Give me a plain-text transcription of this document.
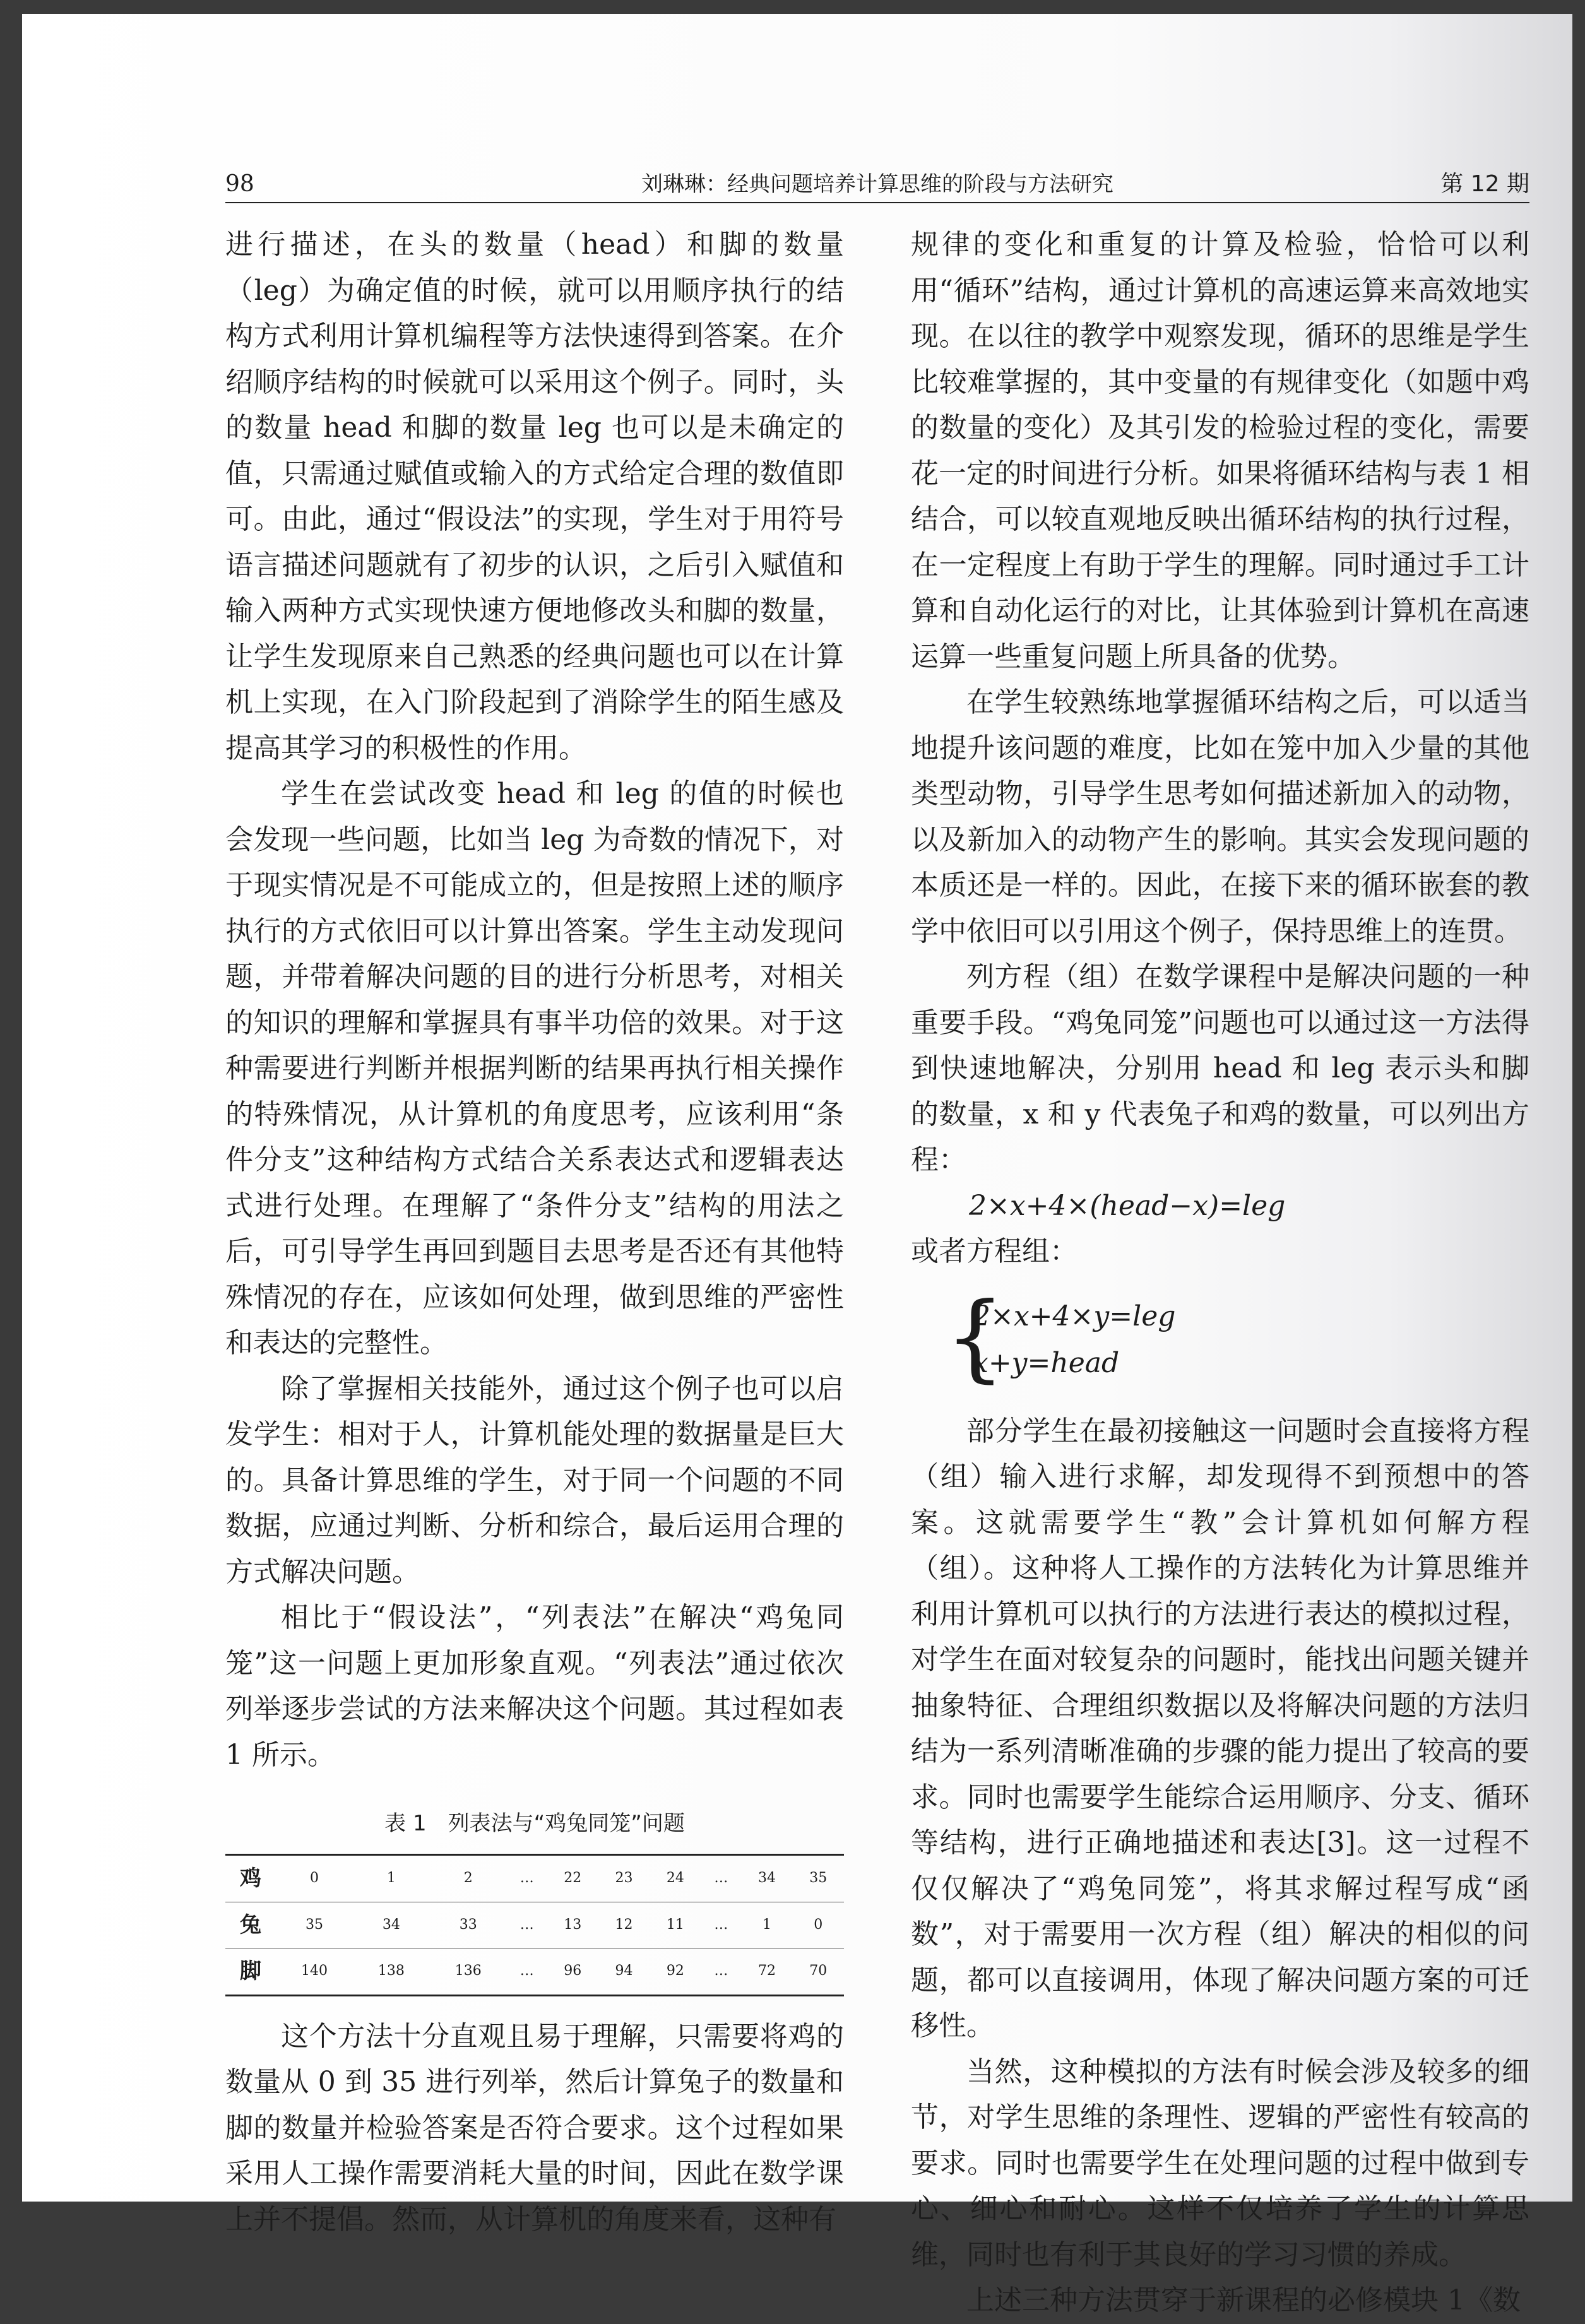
98	刘琳琳：经典问题培养计算思维的阶段与方法研究	第 12 期

进行描述，在头的数量（head）和脚的数量（leg）为确定值的时候，就可以用顺序执行的结构方式利用计算机编程等方法快速得到答案。在介绍顺序结构的时候就可以采用这个例子。同时，头的数量 head 和脚的数量 leg 也可以是未确定的值，只需通过赋值或输入的方式给定合理的数值即可。由此，通过“假设法”的实现，学生对于用符号语言描述问题就有了初步的认识，之后引入赋值和输入两种方式实现快速方便地修改头和脚的数量，让学生发现原来自己熟悉的经典问题也可以在计算机上实现，在入门阶段起到了消除学生的陌生感及提高其学习的积极性的作用。

学生在尝试改变 head 和 leg 的值的时候也会发现一些问题，比如当 leg 为奇数的情况下，对于现实情况是不可能成立的，但是按照上述的顺序执行的方式依旧可以计算出答案。学生主动发现问题，并带着解决问题的目的进行分析思考，对相关的知识的理解和掌握具有事半功倍的效果。对于这种需要进行判断并根据判断的结果再执行相关操作的特殊情况，从计算机的角度思考，应该利用“条件分支”这种结构方式结合关系表达式和逻辑表达式进行处理。在理解了“条件分支”结构的用法之后，可引导学生再回到题目去思考是否还有其他特殊情况的存在，应该如何处理，做到思维的严密性和表达的完整性。

除了掌握相关技能外，通过这个例子也可以启发学生：相对于人，计算机能处理的数据量是巨大的。具备计算思维的学生，对于同一个问题的不同数据，应通过判断、分析和综合，最后运用合理的方式解决问题。

相比于“假设法”，“列表法”在解决“鸡兔同笼”这一问题上更加形象直观。“列表法”通过依次列举逐步尝试的方法来解决这个问题。其过程如表 1 所示。

表 1　列表法与“鸡兔同笼”问题
鸡	0	1	2	…	22	23	24	…	34	35
兔	35	34	33	…	13	12	11	…	1	0
脚	140	138	136	…	96	94	92	…	72	70

这个方法十分直观且易于理解，只需要将鸡的数量从 0 到 35 进行列举，然后计算兔子的数量和脚的数量并检验答案是否符合要求。这个过程如果采用人工操作需要消耗大量的时间，因此在数学课上并不提倡。然而，从计算机的角度来看，这种有

规律的变化和重复的计算及检验，恰恰可以利用“循环”结构，通过计算机的高速运算来高效地实现。在以往的教学中观察发现，循环的思维是学生比较难掌握的，其中变量的有规律变化（如题中鸡的数量的变化）及其引发的检验过程的变化，需要花一定的时间进行分析。如果将循环结构与表 1 相结合，可以较直观地反映出循环结构的执行过程，在一定程度上有助于学生的理解。同时通过手工计算和自动化运行的对比，让其体验到计算机在高速运算一些重复问题上所具备的优势。

在学生较熟练地掌握循环结构之后，可以适当地提升该问题的难度，比如在笼中加入少量的其他类型动物，引导学生思考如何描述新加入的动物，以及新加入的动物产生的影响。其实会发现问题的本质还是一样的。因此，在接下来的循环嵌套的教学中依旧可以引用这个例子，保持思维上的连贯。

列方程（组）在数学课程中是解决问题的一种重要手段。“鸡兔同笼”问题也可以通过这一方法得到快速地解决，分别用 head 和 leg 表示头和脚的数量，x 和 y 代表兔子和鸡的数量，可以列出方程：

2×x+4×(head−x)=leg

或者方程组：

{
2×x+4×y=leg
x+y=head

部分学生在最初接触这一问题时会直接将方程（组）输入进行求解，却发现得不到预想中的答案。这就需要学生“教”会计算机如何解方程（组）。这种将人工操作的方法转化为计算思维并利用计算机可以执行的方法进行表达的模拟过程，对学生在面对较复杂的问题时，能找出问题关键并抽象特征、合理组织数据以及将解决问题的方法归结为一系列清晰准确的步骤的能力提出了较高的要求。同时也需要学生能综合运用顺序、分支、循环等结构，进行正确地描述和表达[3]。这一过程不仅仅解决了“鸡兔同笼”，将其求解过程写成“函数”，对于需要用一次方程（组）解决的相似的问题，都可以直接调用，体现了解决问题方案的可迁移性。

当然，这种模拟的方法有时候会涉及较多的细节，对学生思维的条理性、逻辑的严密性有较高的要求。同时也需要学生在处理问题的过程中做到专心、细心和耐心。这样不仅培养了学生的计算思维，同时也有利于其良好的学习习惯的养成。

上述三种方法贯穿于新课程的必修模块 1《数
